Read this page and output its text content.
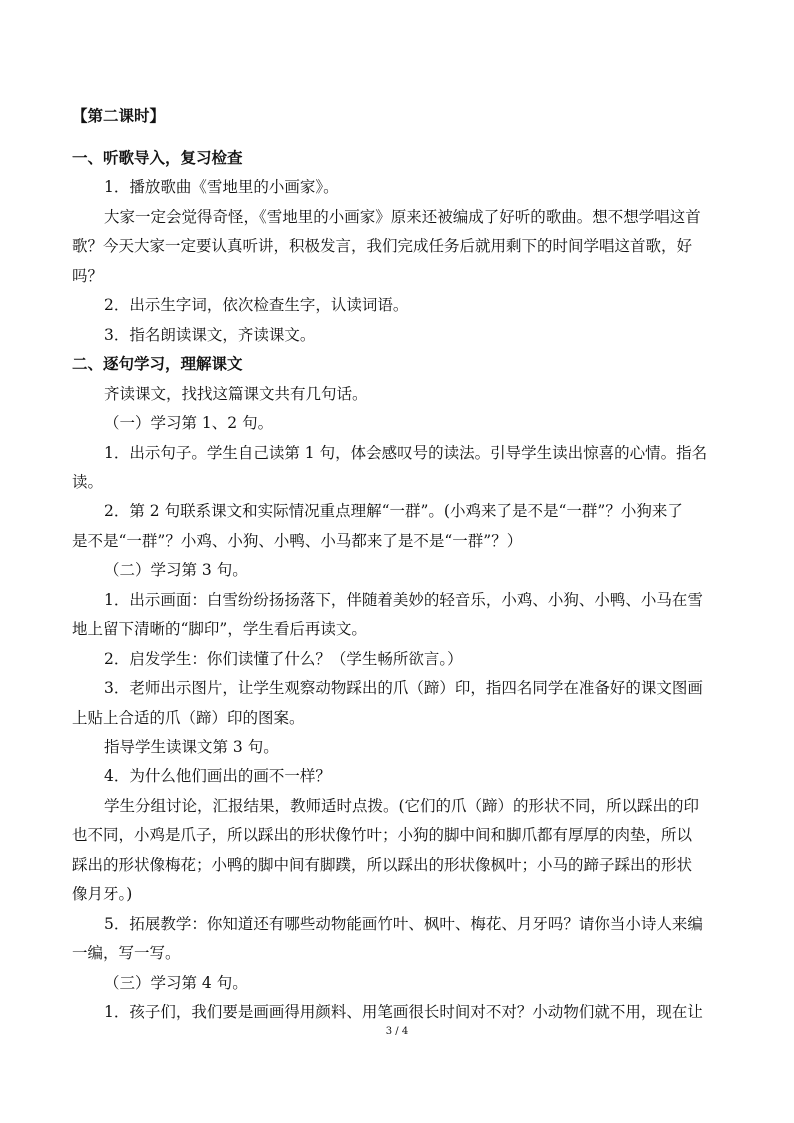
【第二课时】

一、听歌导入，复习检查

1．播放歌曲《雪地里的小画家》。

大家一定会觉得奇怪，《雪地里的小画家》原来还被编成了好听的歌曲。想不想学唱这首

歌？今天大家一定要认真听讲，积极发言，我们完成任务后就用剩下的时间学唱这首歌，好

吗？

2．出示生字词，依次检查生字，认读词语。

3．指名朗读课文，齐读课文。

二、逐句学习，理解课文

齐读课文，找找这篇课文共有几句话。

（一）学习第 1、2 句。

1．出示句子。学生自己读第 1 句，体会感叹号的读法。引导学生读出惊喜的心情。指名

读。

2．第 2 句联系课文和实际情况重点理解“一群”。(小鸡来了是不是“一群”？小狗来了

是不是“一群”？小鸡、小狗、小鸭、小马都来了是不是“一群”？）

（二）学习第 3 句。

1．出示画面：白雪纷纷扬扬落下，伴随着美妙的轻音乐，小鸡、小狗、小鸭、小马在雪

地上留下清晰的“脚印”，学生看后再读文。

2．启发学生：你们读懂了什么？（学生畅所欲言。）

3．老师出示图片，让学生观察动物踩出的爪（蹄）印，指四名同学在准备好的课文图画

上贴上合适的爪（蹄）印的图案。

指导学生读课文第 3 句。

4．为什么他们画出的画不一样？

学生分组讨论，汇报结果，教师适时点拨。(它们的爪（蹄）的形状不同，所以踩出的印

也不同，小鸡是爪子，所以踩出的形状像竹叶；小狗的脚中间和脚爪都有厚厚的肉垫，所以

踩出的形状像梅花；小鸭的脚中间有脚蹼，所以踩出的形状像枫叶；小马的蹄子踩出的形状

像月牙。)

5．拓展教学：你知道还有哪些动物能画竹叶、枫叶、梅花、月牙吗？请你当小诗人来编

一编，写一写。

（三）学习第 4 句。

1．孩子们，我们要是画画得用颜料、用笔画很长时间对不对？小动物们就不用，现在让

3 / 4
